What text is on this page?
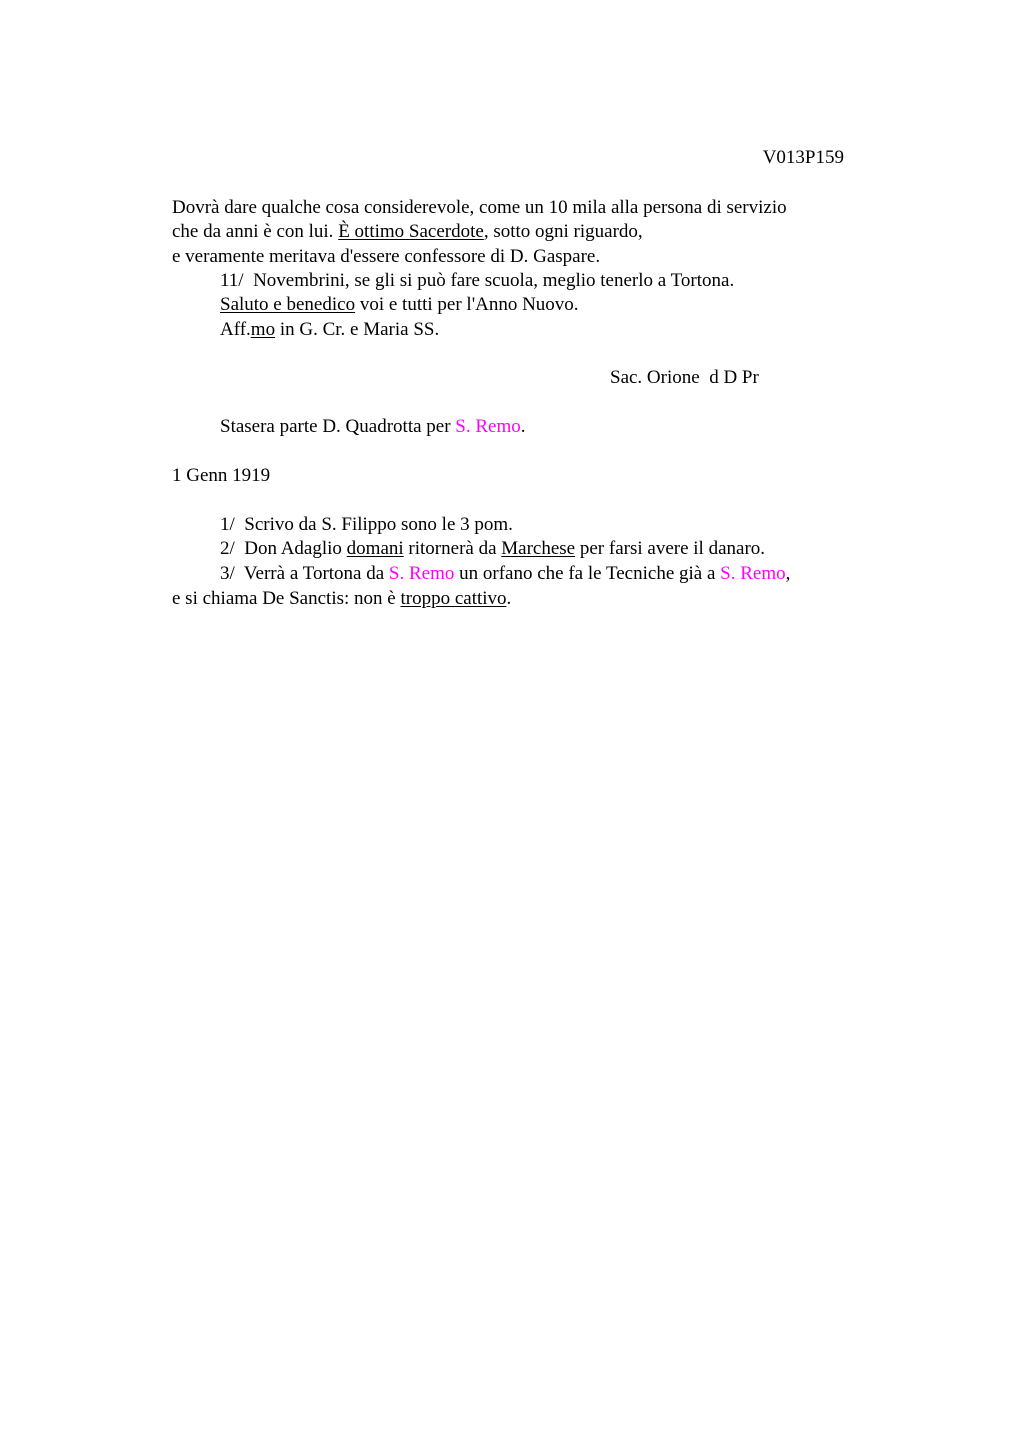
V013P159
Dovrà dare qualche cosa considerevole, come un 10 mila alla persona di servizio
che da anni è con lui. È ottimo Sacerdote, sotto ogni riguardo,
e veramente meritava d'essere confessore di D. Gaspare.
11/  Novembrini, se gli si può fare scuola, meglio tenerlo a Tortona.
Saluto e benedico voi e tutti per l'Anno Nuovo.
Aff.mo in G. Cr. e Maria SS.
Sac. Orione  d D Pr
Stasera parte D. Quadrotta per S. Remo.
1 Genn 1919
1/  Scrivo da S. Filippo sono le 3 pom.
2/  Don Adaglio domani ritornerà da Marchese per farsi avere il danaro.
3/  Verrà a Tortona da S. Remo un orfano che fa le Tecniche già a S. Remo,
e si chiama De Sanctis: non è troppo cattivo.
